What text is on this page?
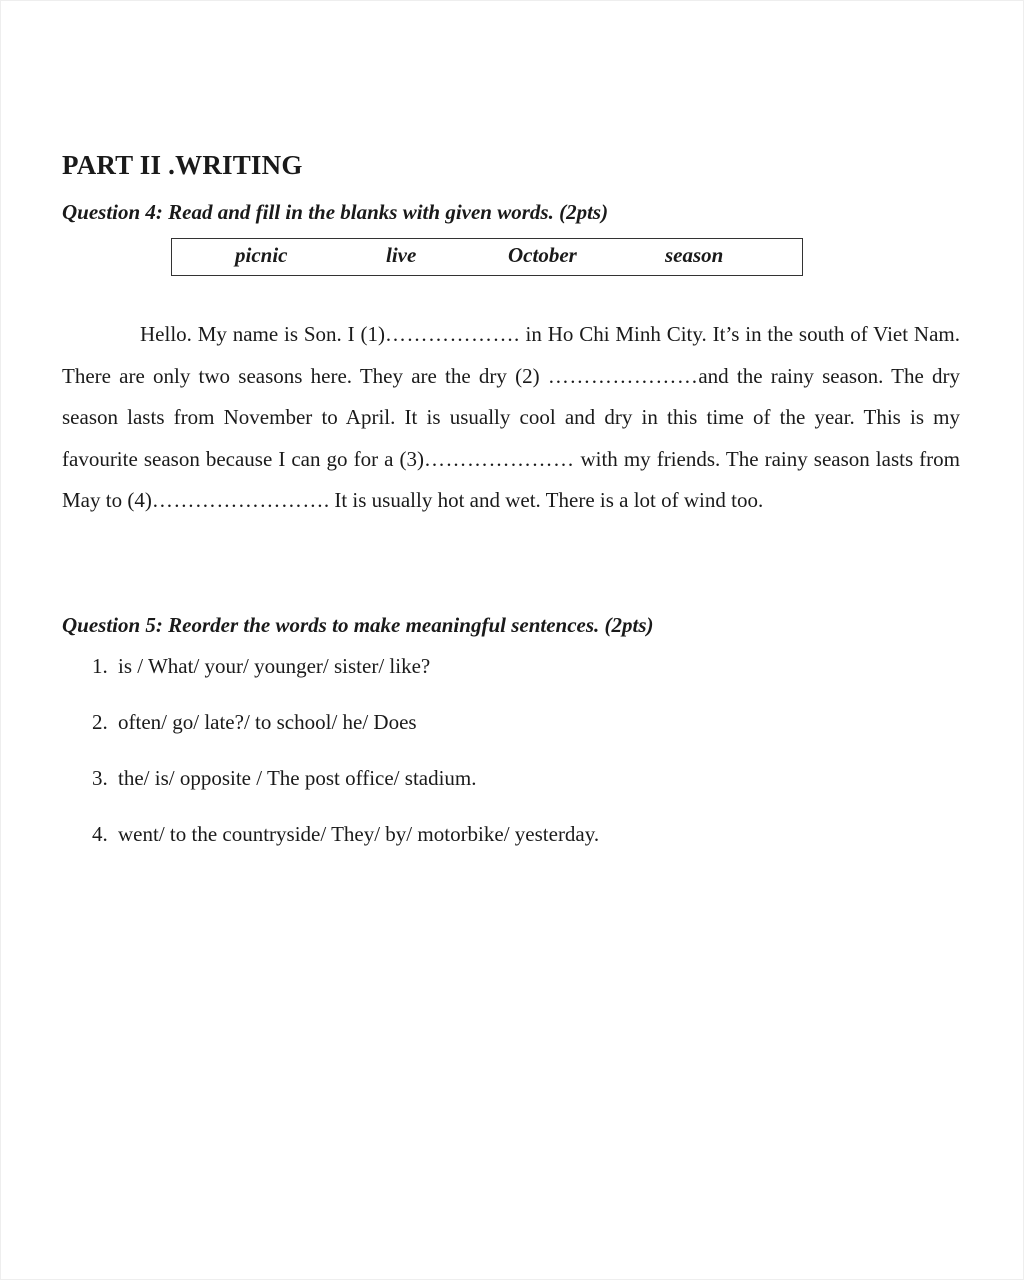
PART II .WRITING
Question 4: Read and fill in the blanks with given words. (2pts)
picnic	live	October	season

Hello. My name is Son. I (1)………………. in Ho Chi Minh City. It’s in the south of Viet Nam. There are only two seasons here. They are the dry (2) …………………and the rainy season. The dry season lasts from November to April. It is usually cool and dry in this time of the year. This is my favourite season because I can go for a (3)………………… with my friends. The rainy season lasts from May to (4)……………………. It is usually hot and wet. There is a lot of wind too.

Question 5: Reorder the words to make meaningful sentences. (2pts)
1. is / What/ your/ younger/ sister/ like?
2. often/ go/ late?/ to school/ he/ Does
3. the/ is/ opposite / The post office/ stadium.
4. went/ to the countryside/ They/ by/ motorbike/ yesterday.
